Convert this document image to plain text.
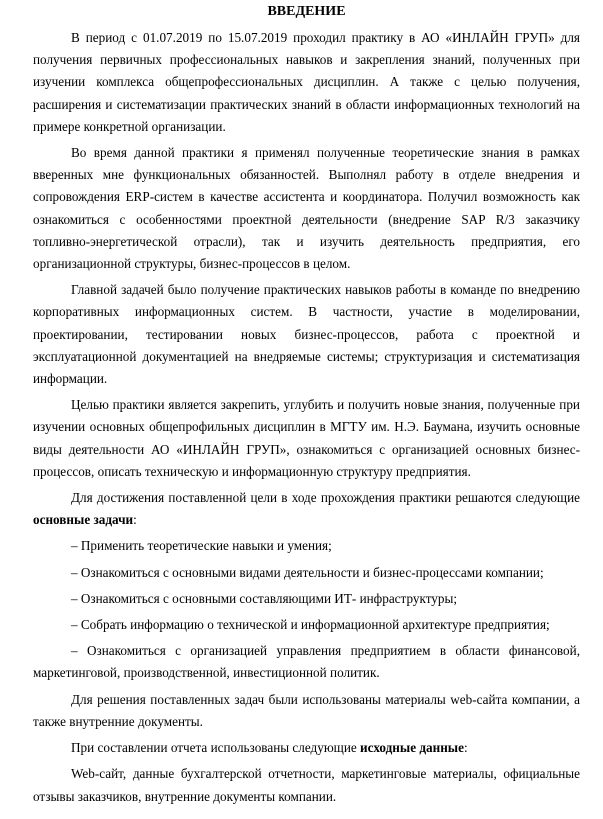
ВВЕДЕНИЕ

В период с 01.07.2019 по 15.07.2019 проходил практику в АО «ИНЛАЙН ГРУП» для получения первичных профессиональных навыков и закрепления знаний, полученных при изучении комплекса общепрофессиональных дисциплин. А также с целью получения, расширения и систематизации практических знаний в области информационных технологий на примере конкретной организации.

Во время данной практики я применял полученные теоретические знания в рамках вверенных мне функциональных обязанностей. Выполнял работу в отделе внедрения и сопровождения ERP-систем в качестве ассистента и координатора. Получил возможность как ознакомиться с особенностями проектной деятельности (внедрение SAP R/3 заказчику топливно-энергетической отрасли), так и изучить деятельность предприятия, его организационной структуры, бизнес-процессов в целом.

Главной задачей было получение практических навыков работы в команде по внедрению корпоративных информационных систем. В частности, участие в моделировании, проектировании, тестировании новых бизнес-процессов, работа с проектной и эксплуатационной документацией на внедряемые системы; структуризация и систематизация информации.

Целью практики является закрепить, углубить и получить новые знания, полученные при изучении основных общепрофильных дисциплин в МГТУ им. Н.Э. Баумана, изучить основные виды деятельности АО «ИНЛАЙН ГРУП», ознакомиться с организацией основных бизнес-процессов, описать техническую и информационную структуру предприятия.

Для достижения поставленной цели в ходе прохождения практики решаются следующие основные задачи:

– Применить теоретические навыки и умения;

– Ознакомиться с основными видами деятельности и бизнес-процессами компании;

– Ознакомиться с основными составляющими ИТ- инфраструктуры;

– Собрать информацию о технической и информационной архитектуре предприятия;

– Ознакомиться с организацией управления предприятием в области финансовой, маркетинговой, производственной, инвестиционной политик.

Для решения поставленных задач были использованы материалы web-сайта компании, а также внутренние документы.

При составлении отчета использованы следующие исходные данные:

Web-сайт, данные бухгалтерской отчетности, маркетинговые материалы, официальные отзывы заказчиков, внутренние документы компании.
